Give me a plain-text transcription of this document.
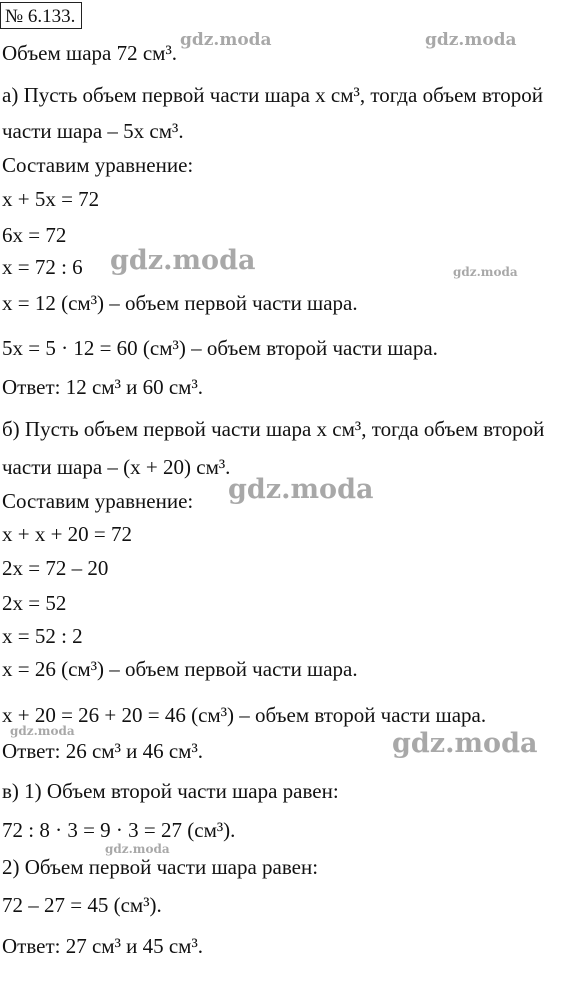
№ 6.133.
Объем шара 72 см³.
а) Пусть объем первой части шара x см³, тогда объем второй
части шара – 5x см³.
Составим уравнение:
x + 5x = 72
6x = 72
x = 72 : 6
x = 12 (см³) – объем первой части шара.
5x = 5 · 12 = 60 (см³) – объем второй части шара.
Ответ: 12 см³ и 60 см³.
б) Пусть объем первой части шара x см³, тогда объем второй
части шара – (x + 20) см³.
Составим уравнение:
x + x + 20 = 72
2x = 72 – 20
2x = 52
x = 52 : 2
x = 26 (см³) – объем первой части шара.
x + 20 = 26 + 20 = 46 (см³) – объем второй части шара.
Ответ: 26 см³ и 46 см³.
в) 1) Объем второй части шара равен:
72 : 8 · 3 = 9 · 3 = 27 (см³).
2) Объем первой части шара равен:
72 – 27 = 45 (см³).
Ответ: 27 см³ и 45 см³.
gdz.moda	gdz.moda
gdz.moda	gdz.moda
gdz.moda
gdz.moda	gdz.moda
gdz.moda
